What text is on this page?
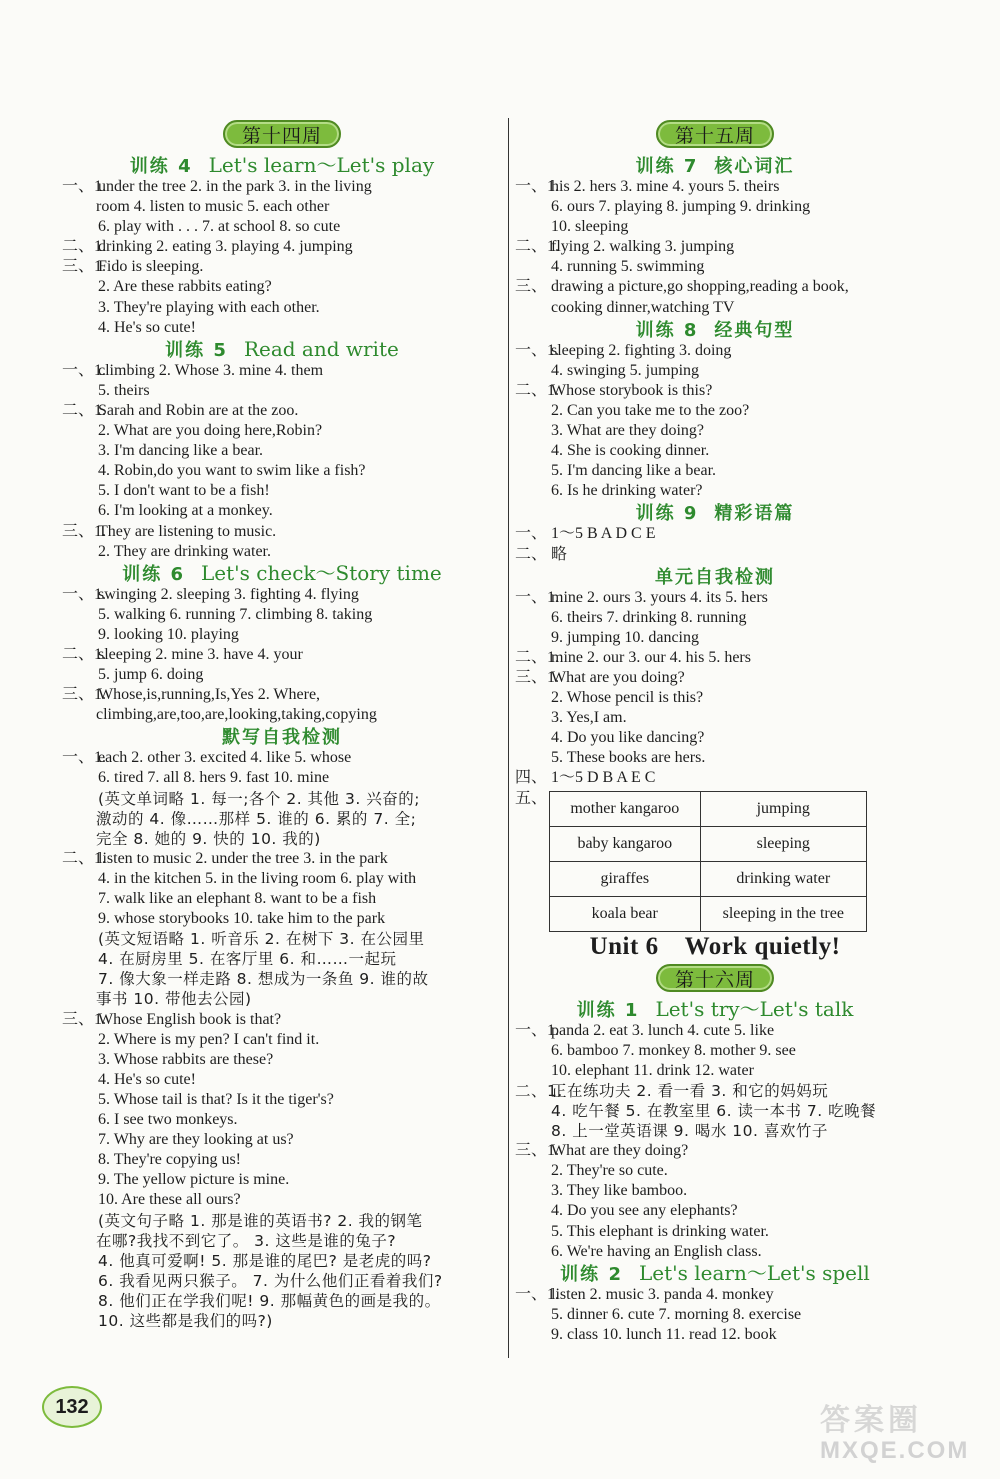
第十四周
训练 4 Let's learn～Let's play
一、1.
under the tree 2. in the park 3. in the living
room 4. listen to music 5. each other
6. play with . . . 7. at school 8. so cute
二、1.
drinking 2. eating 3. playing 4. jumping
三、1.
Fido is sleeping.
2. Are these rabbits eating?
3. They're playing with each other.
4. He's so cute!
训练 5 Read and write
一、1.
climbing 2. Whose 3. mine 4. them
5. theirs
二、1.
Sarah and Robin are at the zoo.
2. What are you doing here,Robin?
3. I'm dancing like a bear.
4. Robin,do you want to swim like a fish?
5. I don't want to be a fish!
6. I'm looking at a monkey.
三、1.
They are listening to music.
2. They are drinking water.
训练 6 Let's check～Story time
一、1.
swinging 2. sleeping 3. fighting 4. flying
5. walking 6. running 7. climbing 8. taking
9. looking 10. playing
二、1.
sleeping 2. mine 3. have 4. your
5. jump 6. doing
三、1.
Whose,is,running,Is,Yes 2. Where,
climbing,are,too,are,looking,taking,copying
默写自我检测
一、1.
each 2. other 3. excited 4. like 5. whose
6. tired 7. all 8. hers 9. fast 10. mine
(英文单词略 1. 每一;各个 2. 其他 3. 兴奋的;
激动的 4. 像……那样 5. 谁的 6. 累的 7. 全;
完全 8. 她的 9. 快的 10. 我的)
二、1.
listen to music 2. under the tree 3. in the park
4. in the kitchen 5. in the living room 6. play with
7. walk like an elephant 8. want to be a fish
9. whose storybooks 10. take him to the park
(英文短语略 1. 听音乐 2. 在树下 3. 在公园里
4. 在厨房里 5. 在客厅里 6. 和……一起玩
7. 像大象一样走路 8. 想成为一条鱼 9. 谁的故
事书 10. 带他去公园)
三、1.
Whose English book is that?
2. Where is my pen? I can't find it.
3. Whose rabbits are these?
4. He's so cute!
5. Whose tail is that? Is it the tiger's?
6. I see two monkeys.
7. Why are they looking at us?
8. They're copying us!
9. The yellow picture is mine.
10. Are these all ours?
(英文句子略 1. 那是谁的英语书? 2. 我的钢笔
在哪?我找不到它了。 3. 这些是谁的兔子?
4. 他真可爱啊! 5. 那是谁的尾巴? 是老虎的吗?
6. 我看见两只猴子。 7. 为什么他们正看着我们?
8. 他们正在学我们呢! 9. 那幅黄色的画是我的。
10. 这些都是我们的吗?)
第十五周
训练 7 核心词汇
一、1.
his 2. hers 3. mine 4. yours 5. theirs
6. ours 7. playing 8. jumping 9. drinking
10. sleeping
二、1.
flying 2. walking 3. jumping
4. running 5. swimming
三、 drawing a picture,go shopping,reading a book,
cooking dinner,watching TV
训练 8 经典句型
一、1.
sleeping 2. fighting 3. doing
4. swinging 5. jumping
二、1.
Whose storybook is this?
2. Can you take me to the zoo?
3. What are they doing?
4. She is cooking dinner.
5. I'm dancing like a bear.
6. Is he drinking water?
训练 9 精彩语篇
一、 1～5 B A D C E
二、 略
单元自我检测
一、1.
mine 2. ours 3. yours 4. its 5. hers
6. theirs 7. drinking 8. running
9. jumping 10. dancing
二、1.
mine 2. our 3. our 4. his 5. hers
三、1.
What are you doing?
2. Whose pencil is this?
3. Yes,I am.
4. Do you like dancing?
5. These books are hers.
四、 1～5 D B A E C
五、
mother kangaroo	jumping
baby kangaroo	sleeping
giraffes	drinking water
koala bear	sleeping in the tree
Unit 6 Work quietly!
第十六周
训练 1 Let's try～Let's talk
一、1.
panda 2. eat 3. lunch 4. cute 5. like
6. bamboo 7. monkey 8. mother 9. see
10. elephant 11. drink 12. water
二、1.
正在练功夫 2. 看一看 3. 和它的妈妈玩
4. 吃午餐 5. 在教室里 6. 读一本书 7. 吃晚餐
8. 上一堂英语课 9. 喝水 10. 喜欢竹子
三、1.
What are they doing?
2. They're so cute.
3. They like bamboo.
4. Do you see any elephants?
5. This elephant is drinking water.
6. We're having an English class.
训练 2 Let's learn～Let's spell
一、1.
listen 2. music 3. panda 4. monkey
5. dinner 6. cute 7. morning 8. exercise
9. class 10. lunch 11. read 12. book
132	答案圈
MXQE.COM
